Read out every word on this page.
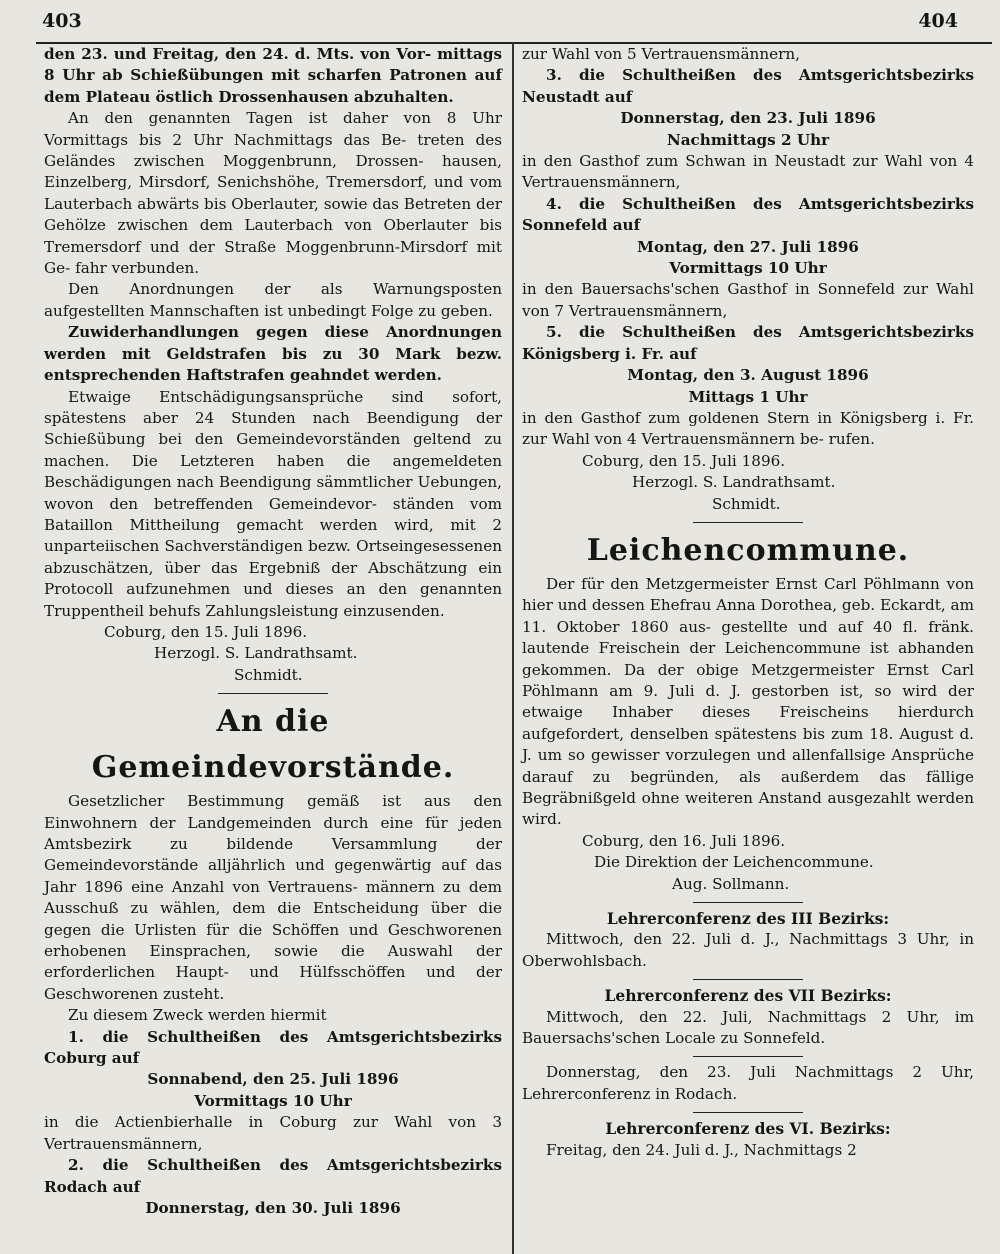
403	404

den 23. und Freitag, den 24. d. Mts. von Vor- mittags 8 Uhr ab Schießübungen mit scharfen Patronen auf dem Plateau östlich Drossenhausen abzuhalten.

An den genannten Tagen ist daher von 8 Uhr Vormittags bis 2 Uhr Nachmittags das Be- treten des Geländes zwischen Moggenbrunn, Drossen- hausen, Einzelberg, Mirsdorf, Senichshöhe, Tremersdorf, und vom Lauterbach abwärts bis Oberlauter, sowie das Betreten der Gehölze zwischen dem Lauterbach von Oberlauter bis Tremersdorf und der Straße Moggenbrunn-Mirsdorf mit Ge- fahr verbunden.

Den Anordnungen der als Warnungsposten aufgestellten Mannschaften ist unbedingt Folge zu geben.

Zuwiderhandlungen gegen diese Anordnungen werden mit Geldstrafen bis zu 30 Mark bezw. entsprechenden Haftstrafen geahndet werden.

Etwaige Entschädigungsansprüche sind sofort, spätestens aber 24 Stunden nach Beendigung der Schießübung bei den Gemeindevorständen geltend zu machen. Die Letzteren haben die angemeldeten Beschädigungen nach Beendigung sämmtlicher Uebungen, wovon den betreffenden Gemeindevor- ständen vom Bataillon Mittheilung gemacht werden wird, mit 2 unparteiischen Sachverständigen bezw. Ortseingesessenen abzuschätzen, über das Ergebniß der Abschätzung ein Protocoll aufzunehmen und dieses an den genannten Truppentheil behufs Zahlungsleistung einzusenden.

Coburg, den 15. Juli 1896.

Herzogl. S. Landrathsamt.

Schmidt.

An die Gemeindevorstände.

Gesetzlicher Bestimmung gemäß ist aus den Einwohnern der Landgemeinden durch eine für jeden Amtsbezirk zu bildende Versammlung der Gemeindevorstände alljährlich und gegenwärtig auf das Jahr 1896 eine Anzahl von Vertrauens- männern zu dem Ausschuß zu wählen, dem die Entscheidung über die gegen die Urlisten für die Schöffen und Geschworenen erhobenen Einsprachen, sowie die Auswahl der erforderlichen Haupt- und Hülfsschöffen und der Geschworenen zusteht.

Zu diesem Zweck werden hiermit

1. die Schultheißen des Amtsgerichtsbezirks Coburg auf

Sonnabend, den 25. Juli 1896

Vormittags 10 Uhr

in die Actienbierhalle in Coburg zur Wahl von 3 Vertrauensmännern,

2. die Schultheißen des Amtsgerichtsbezirks Rodach auf

Donnerstag, den 30. Juli 1896

zur Wahl von 5 Vertrauensmännern,

3. die Schultheißen des Amtsgerichtsbezirks Neustadt auf

Donnerstag, den 23. Juli 1896

Nachmittags 2 Uhr

in den Gasthof zum Schwan in Neustadt zur Wahl von 4 Vertrauensmännern,

4. die Schultheißen des Amtsgerichtsbezirks Sonnefeld auf

Montag, den 27. Juli 1896

Vormittags 10 Uhr

in den Bauersachs'schen Gasthof in Sonnefeld zur Wahl von 7 Vertrauensmännern,

5. die Schultheißen des Amtsgerichtsbezirks Königsberg i. Fr. auf

Montag, den 3. August 1896

Mittags 1 Uhr

in den Gasthof zum goldenen Stern in Königsberg i. Fr. zur Wahl von 4 Vertrauensmännern be- rufen.

Coburg, den 15. Juli 1896.

Herzogl. S. Landrathsamt.

Schmidt.

Leichencommune.

Der für den Metzgermeister Ernst Carl Pöhlmann von hier und dessen Ehefrau Anna Dorothea, geb. Eckardt, am 11. Oktober 1860 aus- gestellte und auf 40 fl. fränk. lautende Freischein der Leichencommune ist abhanden gekommen. Da der obige Metzgermeister Ernst Carl Pöhlmann am 9. Juli d. J. gestorben ist, so wird der etwaige Inhaber dieses Freischeins hierdurch aufgefordert, denselben spätestens bis zum 18. August d. J. um so gewisser vorzulegen und allenfallsige Ansprüche darauf zu begründen, als außerdem das fällige Begräbnißgeld ohne weiteren Anstand ausgezahlt werden wird.

Coburg, den 16. Juli 1896.

Die Direktion der Leichencommune.

Aug. Sollmann.

Lehrerconferenz des III Bezirks:

Mittwoch, den 22. Juli d. J., Nachmittags 3 Uhr, in Oberwohlsbach.

Lehrerconferenz des VII Bezirks:

Mittwoch, den 22. Juli, Nachmittags 2 Uhr, im Bauersachs'schen Locale zu Sonnefeld.

Donnerstag, den 23. Juli Nachmittags 2 Uhr, Lehrerconferenz in Rodach.

Lehrerconferenz des VI. Bezirks:

Freitag, den 24. Juli d. J., Nachmittags 2
